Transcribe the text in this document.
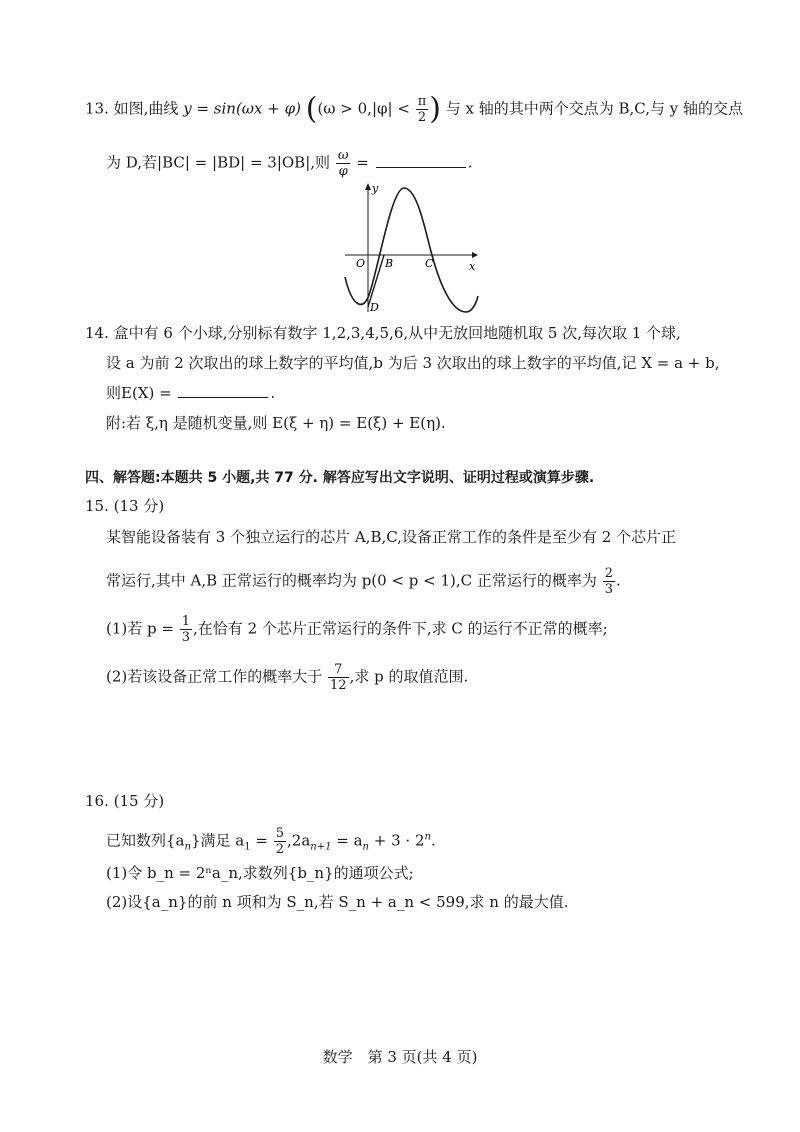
13. 如图,曲线 y = sin(ωx + φ) (($\omega > 0,|\varphi| < \frac{\pi}{2}$ ) 与 x 轴的其中两个交点为 B,C,与 y 轴的交点
为 D,若|BC| = |BD| = 3|OB|,则 $\frac{\omega}{\varphi}$ =	.
y
x
O B	C
D
14. 盒中有 6 个小球,分别标有数字 1,2,3,4,5,6,从中无放回地随机取 5 次,每次取 1 个球,
设 a 为前 2 次取出的球上数字的平均值,b 为后 3 次取出的球上数字的平均值,记 X = a + b,
则E(X) =	.
附:若 ξ,η 是随机变量,则 E(ξ + η) = E(ξ) + E(η).
四、解答题:本题共 5 小题,共 77 分. 解答应写出文字说明、证明过程或演算步骤.
15. (13 分)
某智能设备装有 3 个独立运行的芯片 A,B,C,设备正常工作的条件是至少有 2 个芯片正
常运行,其中 A,B 正常运行的概率均为 p(0 < p < 1),C 正常运行的概率为 $\frac{2}{3}$ .
(1)若 $p = \frac{1}{3}$ ,在恰有 2 个芯片正常运行的条件下,求 C 的运行不正常的概率;
(2)若该设备正常工作的概率大于 $\frac{7}{12}$ ,求 p 的取值范围.
16. (15 分)
已知数列$\{a_n\}$满足 $a_1 = \frac{5}{2} ,2a_{n+1} = a_n + 3 \cdot 2^n$.
(1)令 b_n = 2ⁿa_n,求数列{b_n}的通项公式;
(2)设{a_n}的前 n 项和为 S_n,若 S_n + a_n < 599,求 n 的最大值.
数学　第 3 页(共 4 页)
